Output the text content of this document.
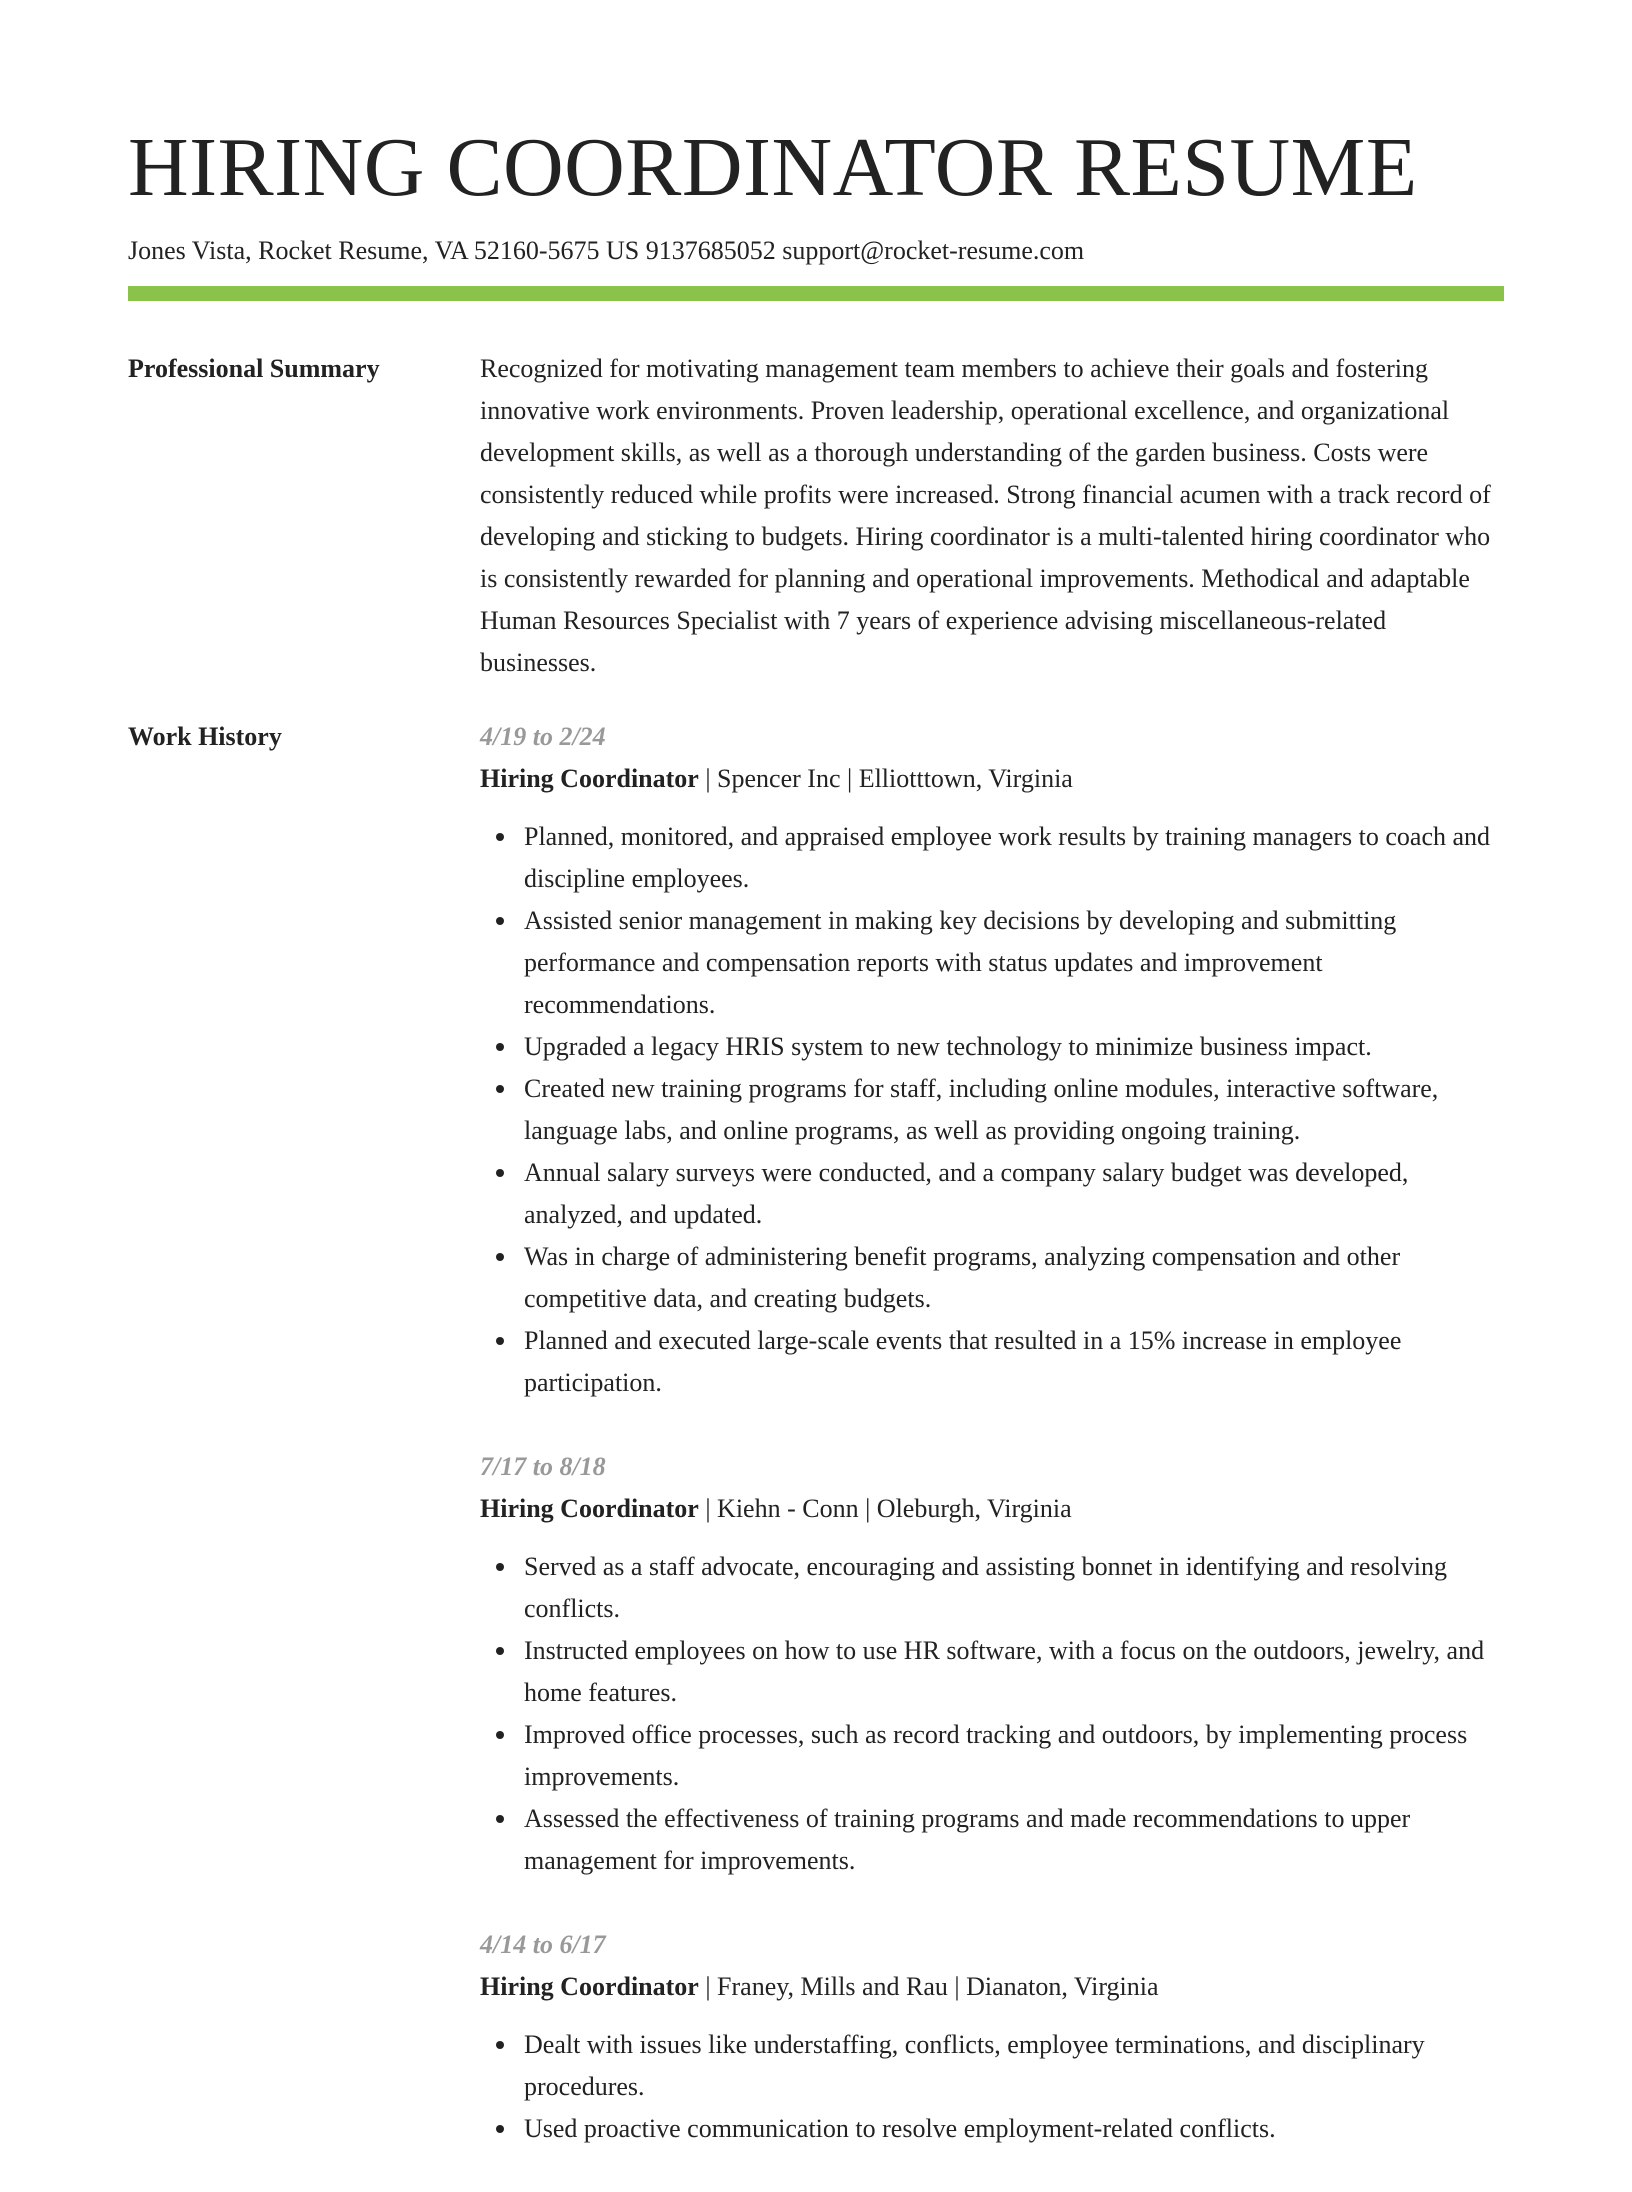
HIRING COORDINATOR RESUME
Jones Vista, Rocket Resume, VA 52160-5675 US 9137685052 support@rocket-resume.com
Professional Summary	Recognized for motivating management team members to achieve their goals and fostering innovative work environments. Proven leadership, operational excellence, and organizational development skills, as well as a thorough understanding of the garden business. Costs were consistently reduced while profits were increased. Strong financial acumen with a track record of developing and sticking to budgets. Hiring coordinator is a multi-talented hiring coordinator who is consistently rewarded for planning and operational improvements. Methodical and adaptable Human Resources Specialist with 7 years of experience advising miscellaneous-related businesses.

Work History	4/19 to 2/24
Hiring Coordinator | Spencer Inc | Elliotttown, Virginia
Planned, monitored, and appraised employee work results by training managers to coach and discipline employees.
Assisted senior management in making key decisions by developing and submitting performance and compensation reports with status updates and improvement recommendations.
Upgraded a legacy HRIS system to new technology to minimize business impact.
Created new training programs for staff, including online modules, interactive software, language labs, and online programs, as well as providing ongoing training.
Annual salary surveys were conducted, and a company salary budget was developed, analyzed, and updated.
Was in charge of administering benefit programs, analyzing compensation and other competitive data, and creating budgets.
Planned and executed large-scale events that resulted in a 15% increase in employee participation.
7/17 to 8/18
Hiring Coordinator | Kiehn - Conn | Oleburgh, Virginia
Served as a staff advocate, encouraging and assisting bonnet in identifying and resolving conflicts.
Instructed employees on how to use HR software, with a focus on the outdoors, jewelry, and home features.
Improved office processes, such as record tracking and outdoors, by implementing process improvements.
Assessed the effectiveness of training programs and made recommendations to upper management for improvements.
4/14 to 6/17
Hiring Coordinator | Franey, Mills and Rau | Dianaton, Virginia
Dealt with issues like understaffing, conflicts, employee terminations, and disciplinary procedures.
Used proactive communication to resolve employment-related conflicts.
